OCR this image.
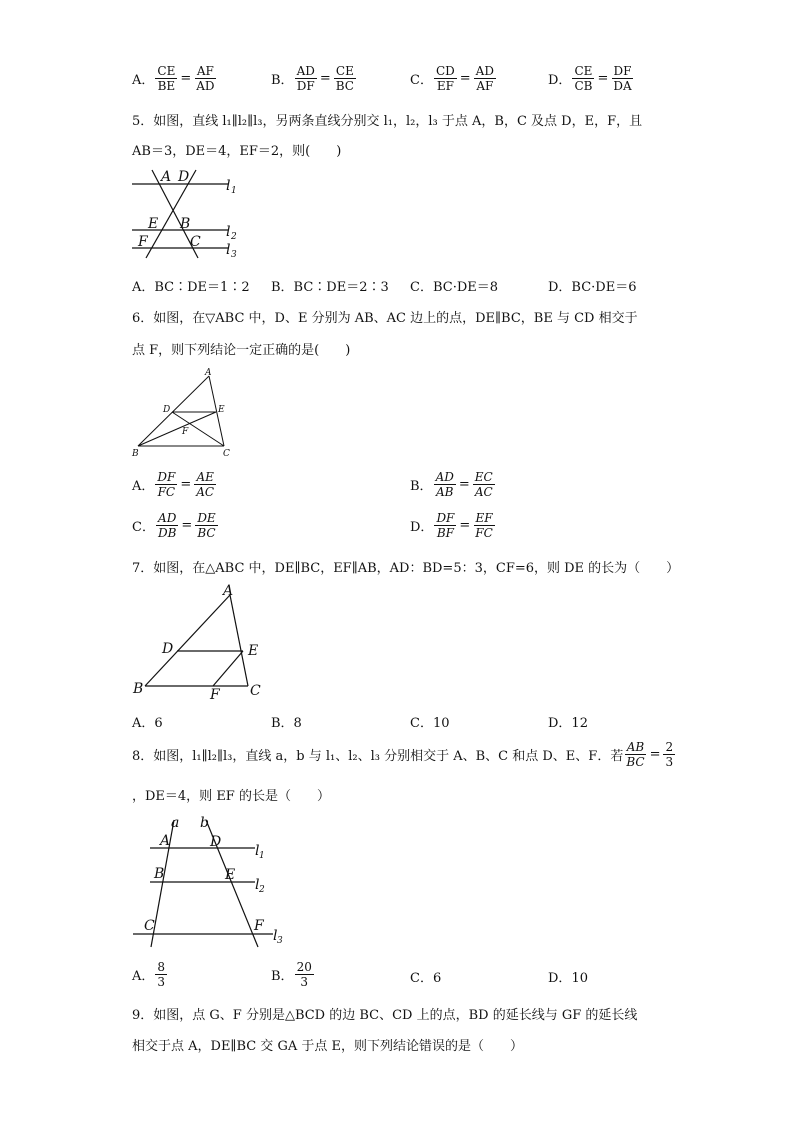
A． $\frac{CE}{BE} = \frac{AF}{AD}$	B． $\frac{AD}{DF} = \frac{CE}{BC}$	C． $\frac{CD}{EF} = \frac{AD}{AF}$	D． $\frac{CE}{CB} = \frac{DF}{DA}$
5．如图，直线 l₁∥l₂∥l₃，另两条直线分别交 l₁，l₂，l₃ 于点 A，B，C 及点 D，E，F，且
AB＝3，DE＝4，EF＝2，则(　　)
A D
E B
F	C
l 1
l 2
l 3
A．BC∶DE＝1∶2 B．BC∶DE＝2∶3 C．BC·DE＝8	D．BC·DE＝6
6．如图，在▽ABC 中，D、E 分别为 AB、AC 边上的点，DE∥BC，BE 与 CD 相交于
点 F，则下列结论一定正确的是(　　)
A
D	E
F
B	C
A． $\frac{DF}{FC} = \frac{AE}{AC}$	B． $\frac{AD}{AB} = \frac{EC}{AC}$
C． $\frac{AD}{DB} = \frac{DE}{BC}$	D． $\frac{DF}{BF} = \frac{EF}{FC}$
7．如图，在△ABC 中，DE∥BC，EF∥AB，AD：BD=5：3，CF=6，则 DE 的长为（　　）
A
D	E
B	F C
A．6	B．8	C．10	D．12
8．如图，l₁∥l₂∥l₃，直线 a，b 与 l₁、l₂、l₃ 分别相交于 A、B、C 和点 D、E、F．若 $\frac{AB}{BC} = \frac{2}{3}$
，DE＝4，则 EF 的长是（　　）
a b
A	D
B	E
C	F
l 1
l 2
l 3
A． $\frac{8}{3}$	B． $\frac{20}{3}$	C．6	D．10
9．如图，点 G、F 分别是△BCD 的边 BC、CD 上的点，BD 的延长线与 GF 的延长线
相交于点 A，DE∥BC 交 GA 于点 E，则下列结论错误的是（　　）
